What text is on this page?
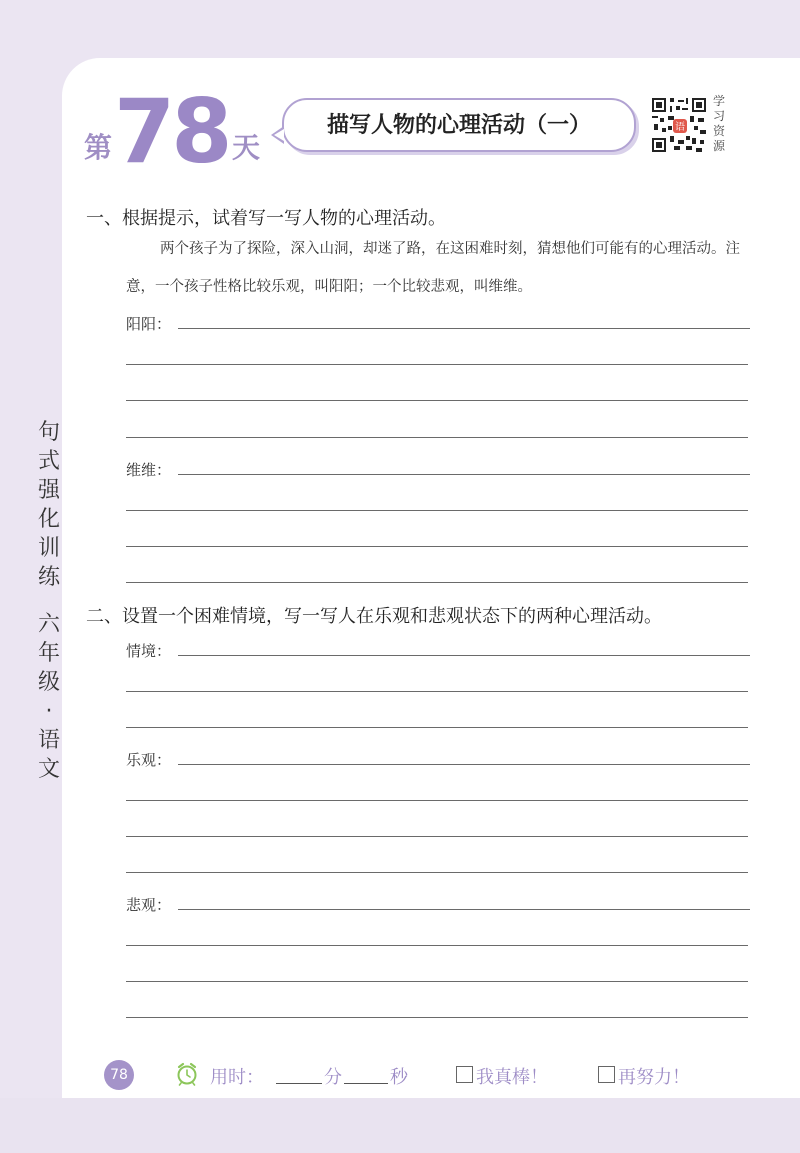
第 78 天
描写人物的心理活动（一）	语
学习资源
句式强化训练
六年级·语文
一、根据提示，试着写一写人物的心理活动。
两个孩子为了探险，深入山洞，却迷了路，在这困难时刻，猜想他们可能有的心理活动。注意，一个孩子性格比较乐观，叫阳阳；一个比较悲观，叫维维。
阳阳：
维维：
二、设置一个困难情境，写一写人在乐观和悲观状态下的两种心理活动。
情境：
乐观：
悲观：
78	用时：	分	秒	我真棒！	再努力！
